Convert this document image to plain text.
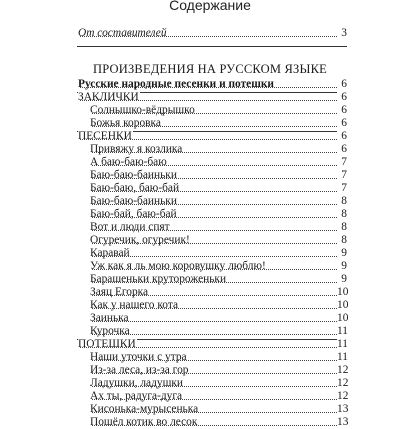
Содержание
От составителей	3
ПРОИЗВЕДЕНИЯ НА РУССКОМ ЯЗЫКЕ
Русские народные песенки и потешки	6
ЗАКЛИЧКИ	6
Солнышко-вёдрышко	6
Божья коровка	6
ПЕСЕНКИ	6
Привяжу я козлика	6
А баю-баю-баю	7
Баю-баю-баиньки	7
Баю-баю, баю-бай	7
Баю-баю-баиньки	8
Баю-бай, баю-бай	8
Вот и люди спят	8
Огуречик, огуречик!	8
Каравай	9
Уж как я ль мою коровушку люблю!	9
Барашеньки крутороженьки	9
Заяц Егорка	10
Как у нашего кота	10
Заинька	10
Курочка	11
ПОТЕШКИ	11
Наши уточки с утра	11
Из-за леса, из-за гор	12
Ладушки, ладушки	12
Ах ты, радуга-дуга	12
Кисонька-мурысенька	13
Пошёл котик во лесок	13
